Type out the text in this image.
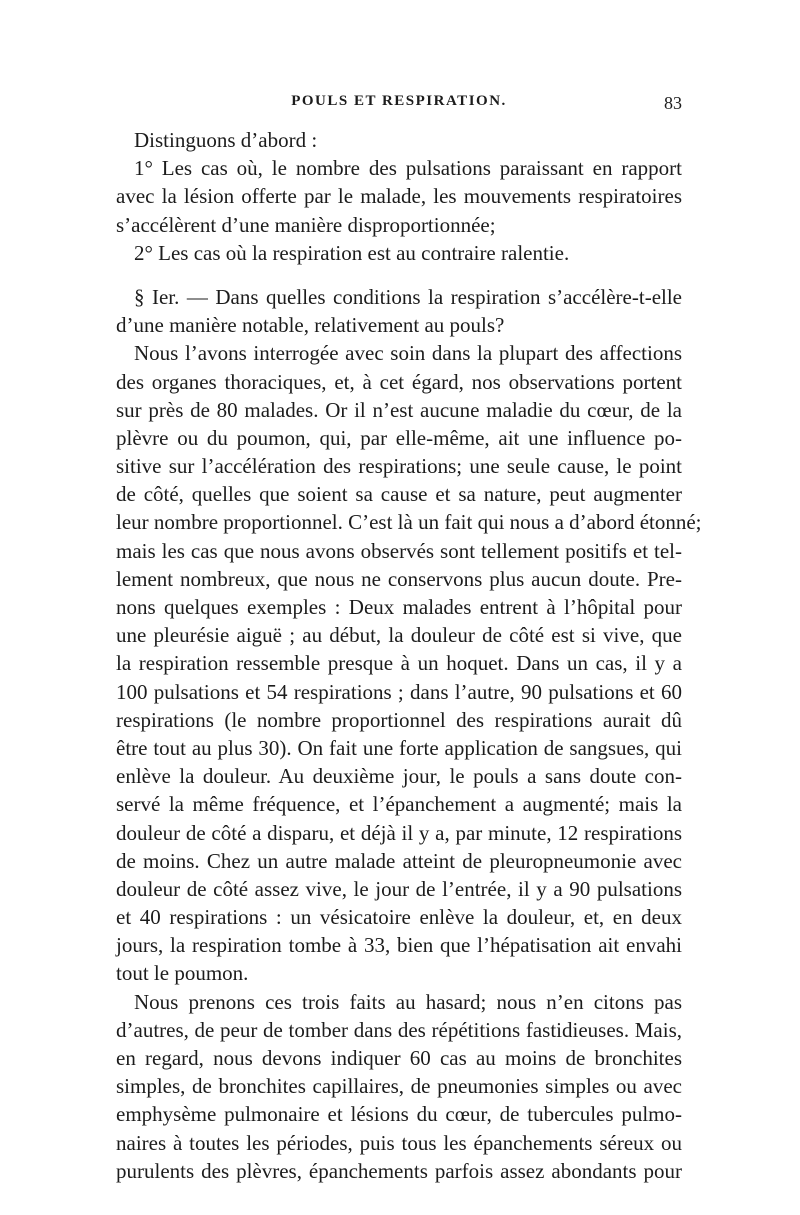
POULS ET RESPIRATION.	83
Distinguons d’abord :
1° Les cas où, le nombre des pulsations paraissant en rapport
avec la lésion offerte par le malade, les mouvements respiratoires
s’accélèrent d’une manière disproportionnée;
2° Les cas où la respiration est au contraire ralentie.
§ Ier. — Dans quelles conditions la respiration s’accélère-t-elle
d’une manière notable, relativement au pouls?
Nous l’avons interrogée avec soin dans la plupart des affections
des organes thoraciques, et, à cet égard, nos observations portent
sur près de 80 malades. Or il n’est aucune maladie du cœur, de la
plèvre ou du poumon, qui, par elle-même, ait une influence po-
sitive sur l’accélération des respirations; une seule cause, le point
de côté, quelles que soient sa cause et sa nature, peut augmenter
leur nombre proportionnel. C’est là un fait qui nous a d’abord étonné;
mais les cas que nous avons observés sont tellement positifs et tel-
lement nombreux, que nous ne conservons plus aucun doute. Pre-
nons quelques exemples : Deux malades entrent à l’hôpital pour
une pleurésie aiguë ; au début, la douleur de côté est si vive, que
la respiration ressemble presque à un hoquet. Dans un cas, il y a
100 pulsations et 54 respirations ; dans l’autre, 90 pulsations et 60
respirations (le nombre proportionnel des respirations aurait dû
être tout au plus 30). On fait une forte application de sangsues, qui
enlève la douleur. Au deuxième jour, le pouls a sans doute con-
servé la même fréquence, et l’épanchement a augmenté; mais la
douleur de côté a disparu, et déjà il y a, par minute, 12 respirations
de moins. Chez un autre malade atteint de pleuropneumonie avec
douleur de côté assez vive, le jour de l’entrée, il y a 90 pulsations
et 40 respirations : un vésicatoire enlève la douleur, et, en deux
jours, la respiration tombe à 33, bien que l’hépatisation ait envahi
tout le poumon.
Nous prenons ces trois faits au hasard; nous n’en citons pas
d’autres, de peur de tomber dans des répétitions fastidieuses. Mais,
en regard, nous devons indiquer 60 cas au moins de bronchites
simples, de bronchites capillaires, de pneumonies simples ou avec
emphysème pulmonaire et lésions du cœur, de tubercules pulmo-
naires à toutes les périodes, puis tous les épanchements séreux ou
purulents des plèvres, épanchements parfois assez abondants pour
